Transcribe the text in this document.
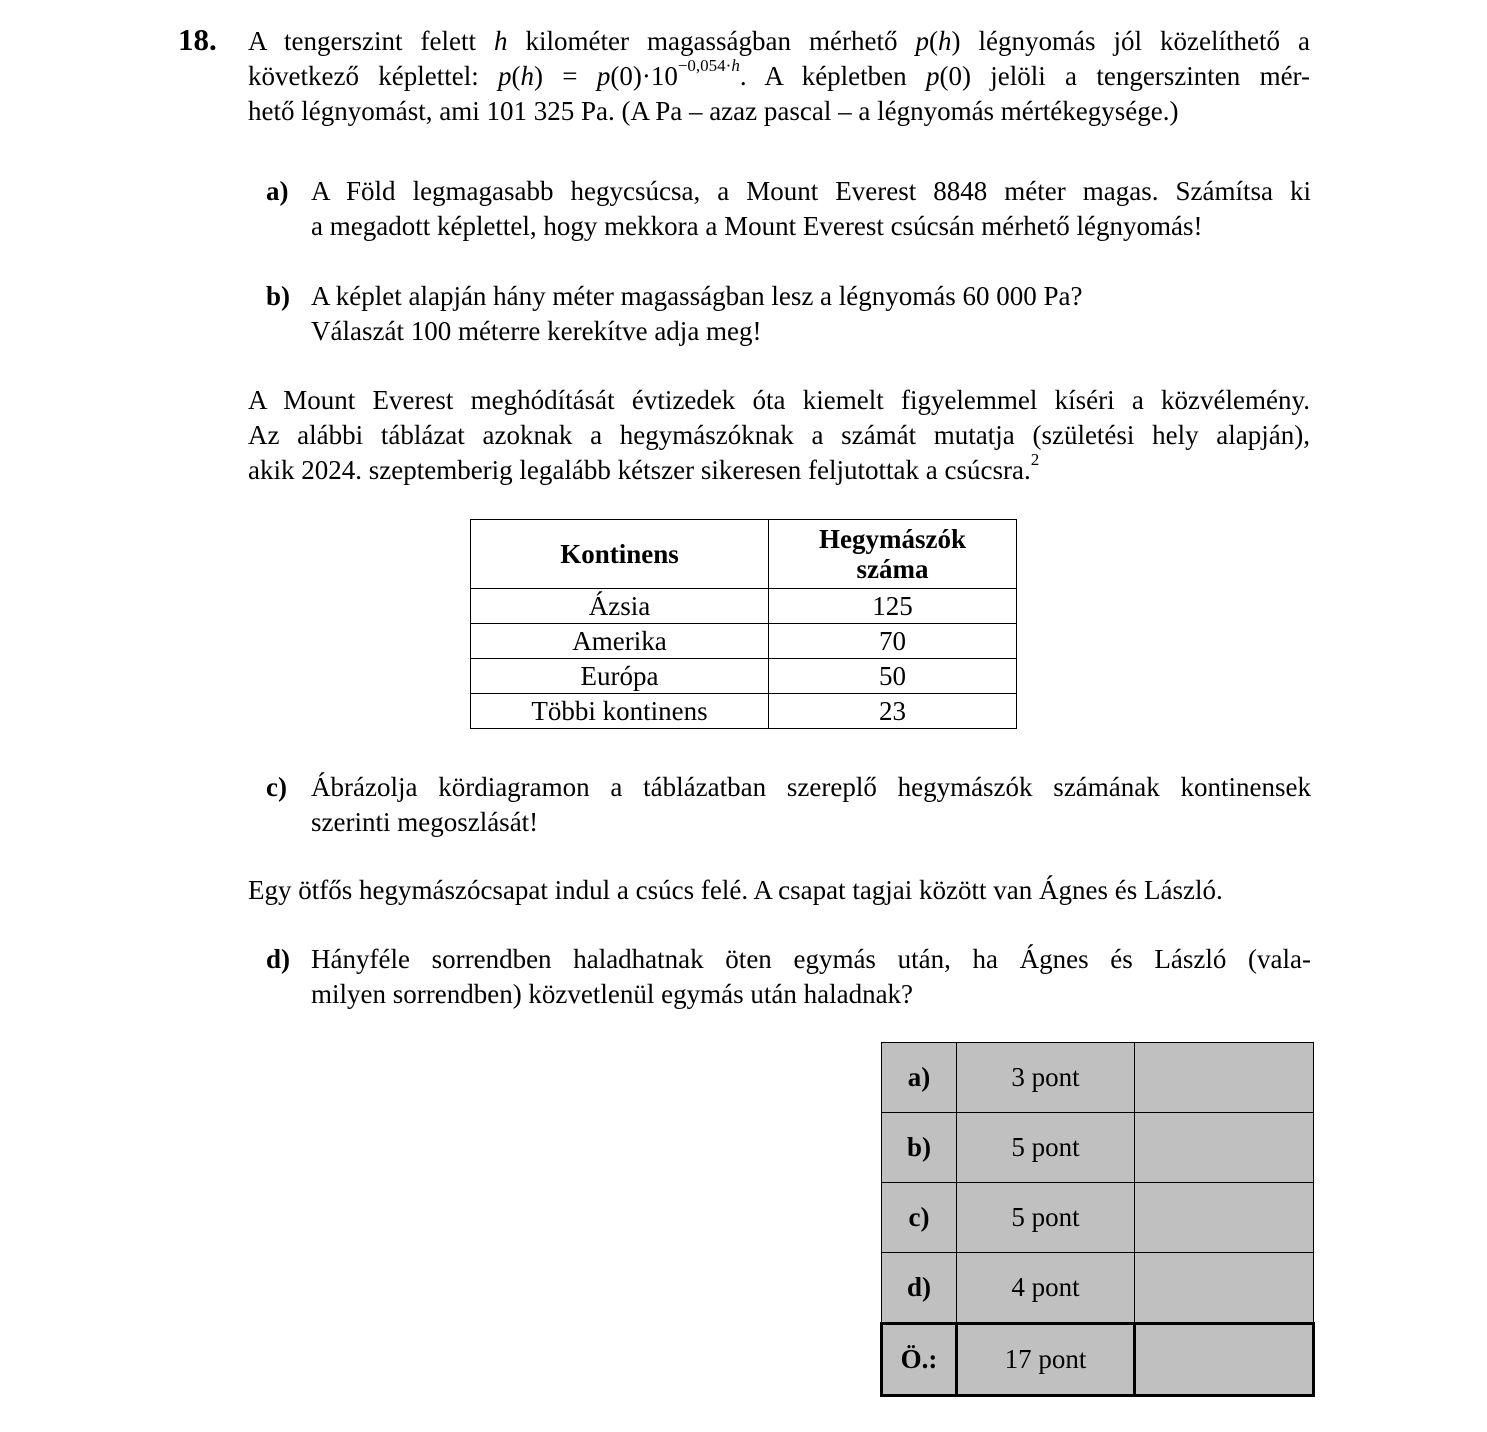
18. A tengerszint felett h kilométer magasságban mérhető p(h) légnyomás jól közelíthető a
következő képlettel: $p(h) = p(0)\cdot 10^{-0,054\cdot h}$. A képletben p(0) jelöli a tengerszinten mér-
hető légnyomást, ami 101 325 Pa. (A Pa – azaz pascal – a légnyomás mértékegysége.)
a) A Föld legmagasabb hegycsúcsa, a Mount Everest 8848 méter magas. Számítsa ki
a megadott képlettel, hogy mekkora a Mount Everest csúcsán mérhető légnyomás!
b) A képlet alapján hány méter magasságban lesz a légnyomás 60 000 Pa?
Válaszát 100 méterre kerekítve adja meg!
A Mount Everest meghódítását évtizedek óta kiemelt figyelemmel kíséri a közvélemény.
Az alábbi táblázat azoknak a hegymászóknak a számát mutatja (születési hely alapján),
akik 2024. szeptemberig legalább kétszer sikeresen feljutottak a csúcsra.$^2$
Kontinens	Hegymászók
száma
Ázsia	125
Amerika	70
Európa	50
Többi kontinens	23
c) Ábrázolja kördiagramon a táblázatban szereplő hegymászók számának kontinensek
szerinti megoszlását!
Egy ötfős hegymászócsapat indul a csúcs felé. A csapat tagjai között van Ágnes és László.
d) Hányféle sorrendben haladhatnak öten egymás után, ha Ágnes és László (vala-
milyen sorrendben) közvetlenül egymás után haladnak?
a)	3 pont	
b)	5 pont	
c)	5 pont	
d)	4 pont	
Ö.:	17 pont	
